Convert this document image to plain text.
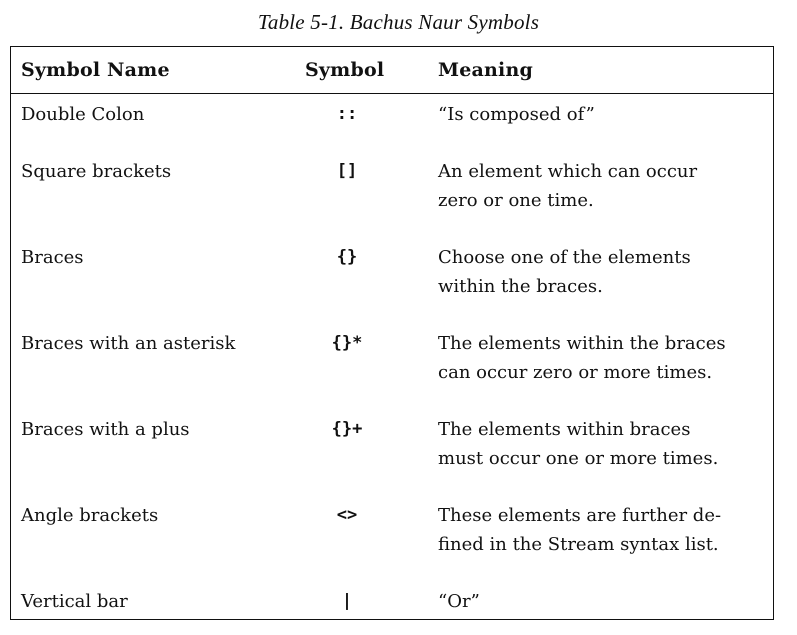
Table 5-1. Bachus Naur Symbols
Symbol Name	Symbol	Meaning
Double Colon	::	“Is composed of”
Square brackets	[]	An element which can occur
zero or one time.
Braces	{}	Choose one of the elements
within the braces.
Braces with an asterisk	{}*	The elements within the braces
can occur zero or more times.
Braces with a plus	{}+	The elements within braces
must occur one or more times.
Angle brackets	<>	These elements are further de-
fined in the Stream syntax list.
Vertical bar	|	“Or”
